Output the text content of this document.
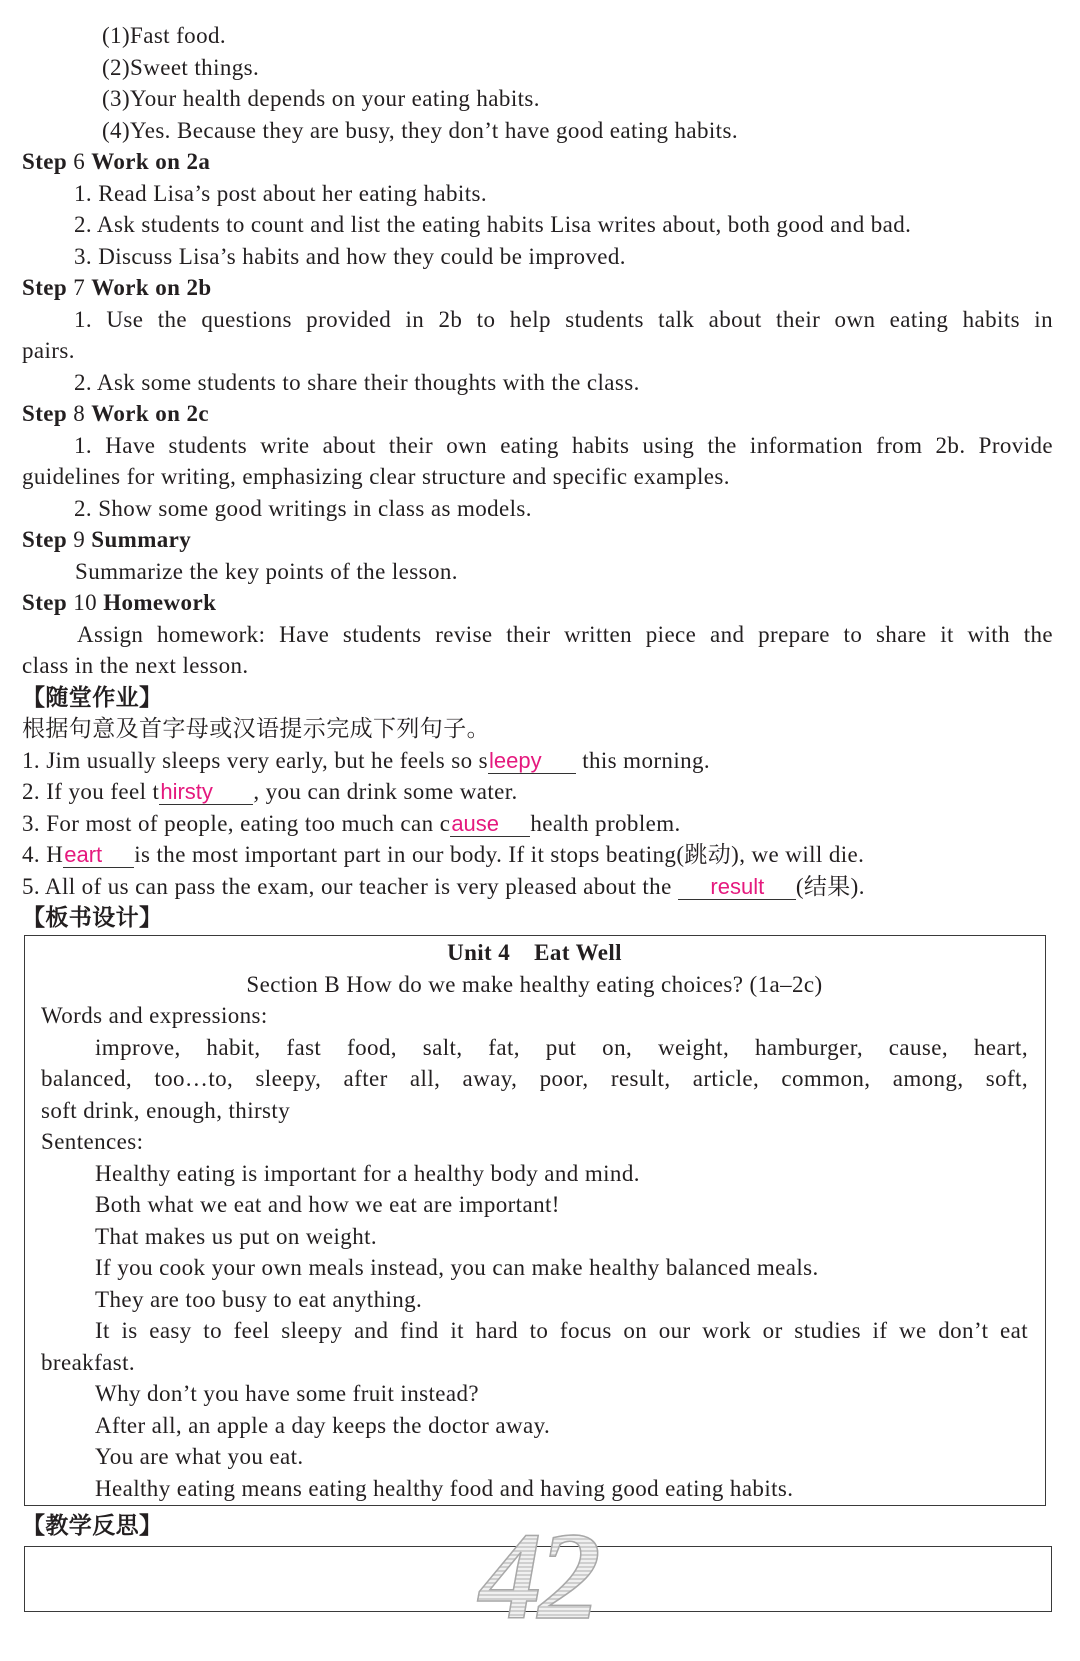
(1)Fast food.
(2)Sweet things.
(3)Your health depends on your eating habits.
(4)Yes. Because they are busy, they don’t have good eating habits.
Step 6 Work on 2a
1. Read Lisa’s post about her eating habits.
2. Ask students to count and list the eating habits Lisa writes about, both good and bad.
3. Discuss Lisa’s habits and how they could be improved.
Step 7 Work on 2b
1. Use the questions provided in 2b to help students talk about their own eating habits in
pairs.
2. Ask some students to share their thoughts with the class.
Step 8 Work on 2c
1. Have students write about their own eating habits using the information from 2b. Provide
guidelines for writing, emphasizing clear structure and specific examples.
2. Show some good writings in class as models.
Step 9 Summary
Summarize the key points of the lesson.
Step 10 Homework
Assign homework: Have students revise their written piece and prepare to share it with the
class in the next lesson.
【随堂作业】
根据句意及首字母或汉语提示完成下列句子。
1. Jim usually sleeps very early, but he feels so sleepy this morning.
2. If you feel thirsty , you can drink some water.
3. For most of people, eating too much can cause health problem.
4. Heart is the most important part in our body. If it stops beating(跳动), we will die.
5. All of us can pass the exam, our teacher is very pleased about the result (结果).
【板书设计】
Unit 4 Eat Well
Section B How do we make healthy eating choices? (1a–2c)
Words and expressions:
improve, habit, fast food, salt, fat, put on, weight, hamburger, cause, heart,
balanced, too…to, sleepy, after all, away, poor, result, article, common, among, soft,
soft drink, enough, thirsty
Sentences:
Healthy eating is important for a healthy body and mind.
Both what we eat and how we eat are important!
That makes us put on weight.
If you cook your own meals instead, you can make healthy balanced meals.
They are too busy to eat anything.
It is easy to feel sleepy and find it hard to focus on our work or studies if we don’t eat
breakfast.
Why don’t you have some fruit instead?
After all, an apple a day keeps the doctor away.
You are what you eat.
Healthy eating means eating healthy food and having good eating habits.
【教学反思】	42
